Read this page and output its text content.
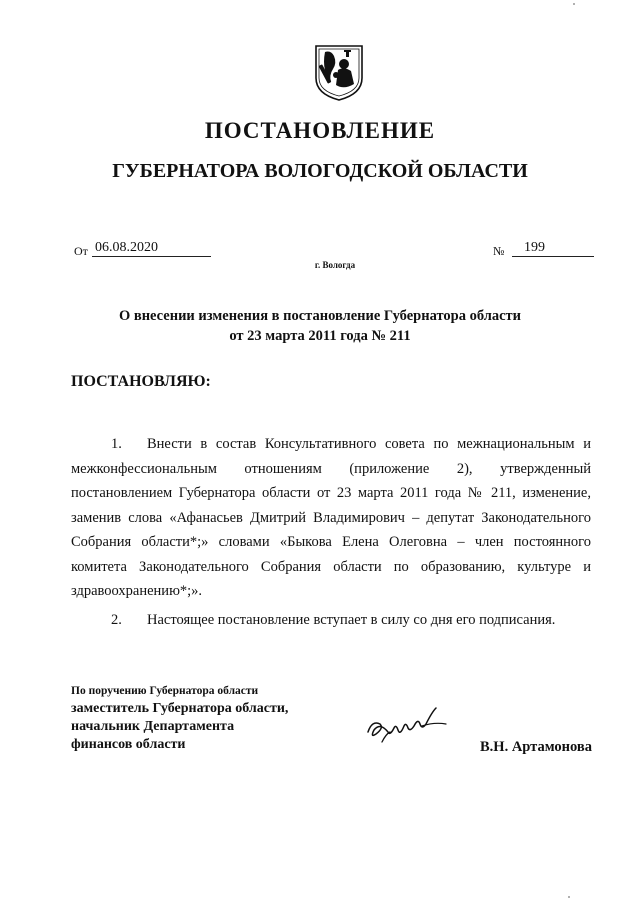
ПОСТАНОВЛЕНИЕ
ГУБЕРНАТОРА ВОЛОГОДСКОЙ ОБЛАСТИ
От 06.08.2020	№	199
г. Вологда
О внесении изменения в постановление Губернатора области
от 23 марта 2011 года № 211
ПОСТАНОВЛЯЮ:

1. Внести в состав Консультативного совета по межнациональным и межконфессиональным отношениям (приложение 2), утвержденный постановлением Губернатора области от 23 марта 2011 года № 211, изменение, заменив слова «Афанасьев Дмитрий Владимирович – депутат Законодательного Собрания области*;» словами «Быкова Елена Олеговна – член постоянного комитета Законодательного Собрания области по образованию, культуре и здравоохранению*;».

2. Настоящее постановление вступает в силу со дня его подписания.

По поручению Губернатора области
заместитель Губернатора области,
начальник Департамента
финансов области	В.Н. Артамонова
